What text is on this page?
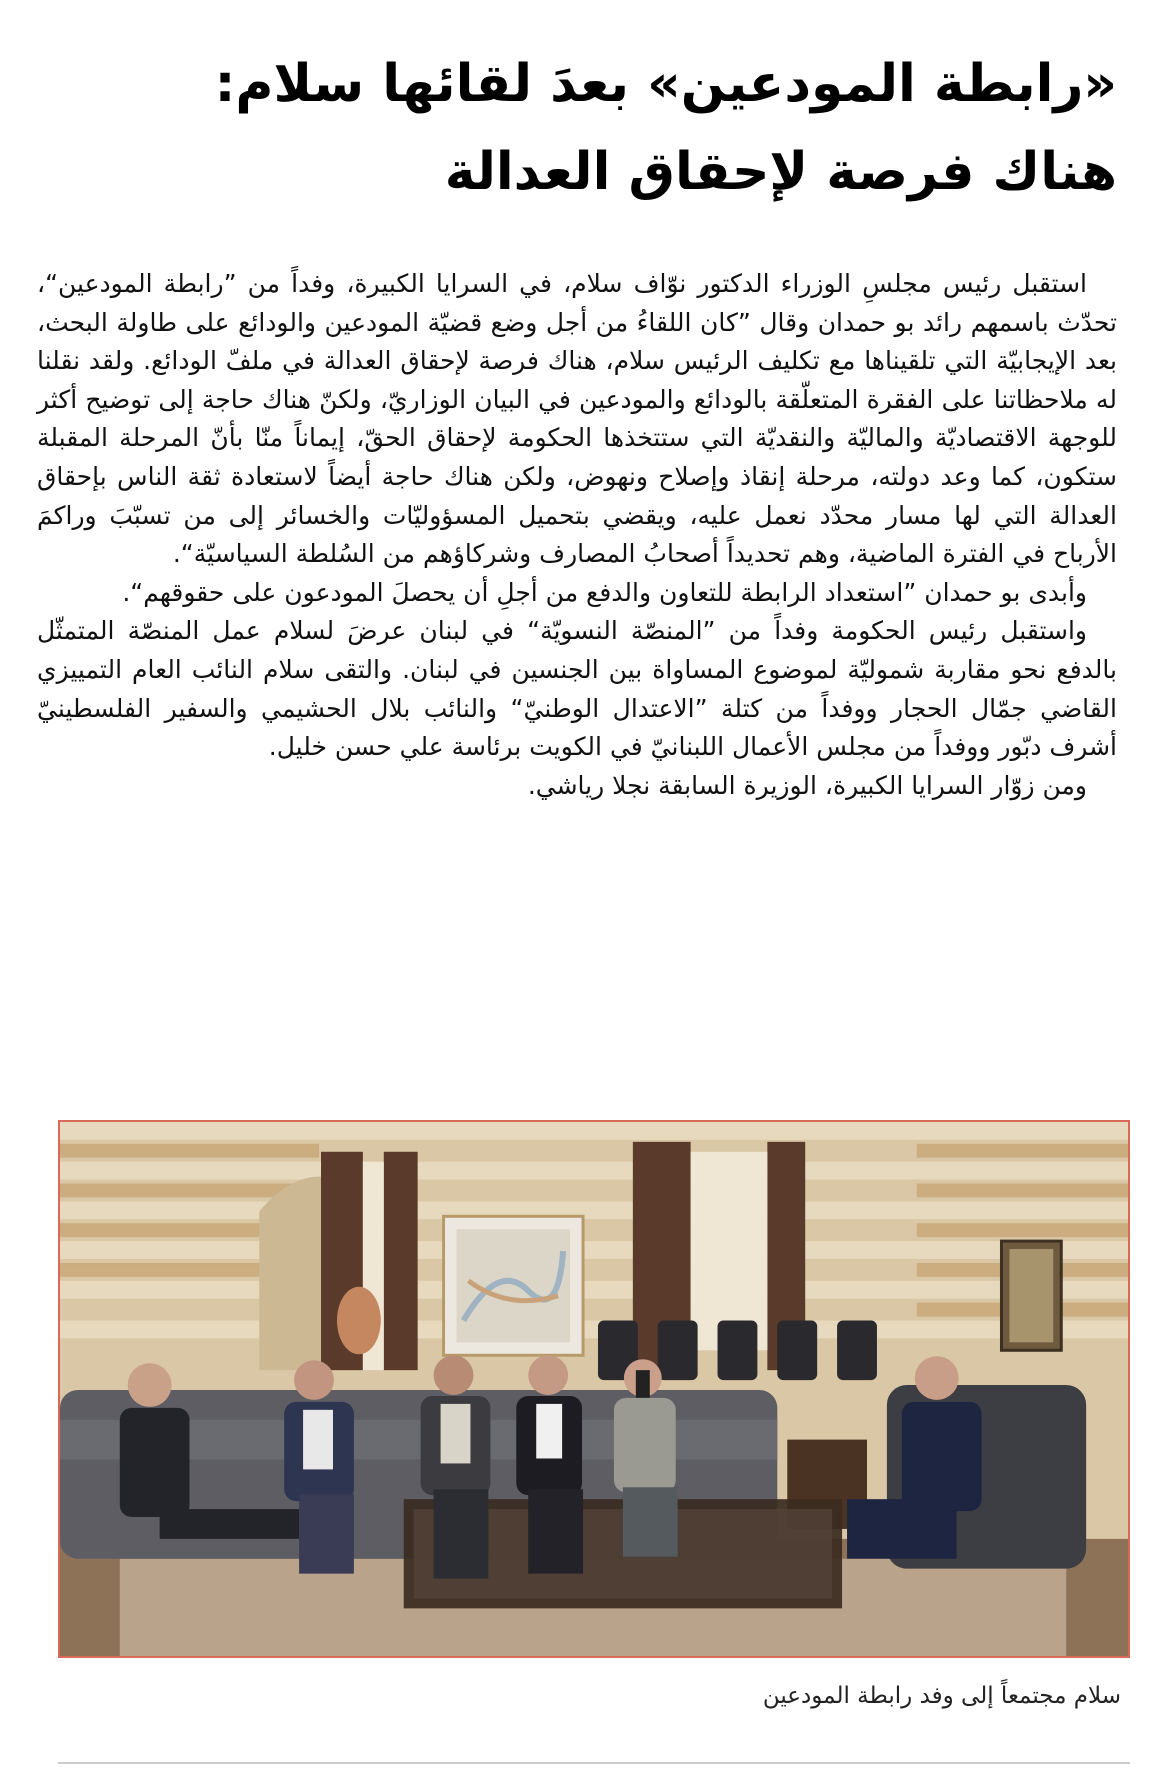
«رابطة المودعين» بعدَ لقائها سلام:
هناك فرصة لإحقاق العدالة

استقبل رئيس مجلسِ الوزراء الدكتور نوّاف سلام، في السرايا الكبيرة، وفداً من ”رابطة المودعين“، تحدّث باسمهم رائد بو حمدان وقال ”كان اللقاءُ من أجل وضع قضيّة المودعين والودائع على طاولة البحث، بعد الإيجابيّة التي تلقيناها مع تكليف الرئيس سلام، هناك فرصة لإحقاق العدالة في ملفّ الودائع. ولقد نقلنا له ملاحظاتنا على الفقرة المتعلّقة بالودائع والمودعين في البيان الوزاريّ، ولكنّ هناك حاجة إلى توضيح أكثر للوجهة الاقتصاديّة والماليّة والنقديّة التي ستتخذها الحكومة لإحقاق الحقّ، إيماناً منّا بأنّ المرحلة المقبلة ستكون، كما وعد دولته، مرحلة إنقاذ وإصلاح ونهوض، ولكن هناك حاجة أيضاً لاستعادة ثقة الناس بإحقاق العدالة التي لها مسار محدّد نعمل عليه، ويقضي بتحميل المسؤوليّات والخسائر إلى من تسبّبَ وراكمَ الأرباح في الفترة الماضية، وهم تحديداً أصحابُ المصارف وشركاؤهم من السُلطة السياسيّة“.

وأبدى بو حمدان ”استعداد الرابطة للتعاون والدفع من أجلِ أن يحصلَ المودعون على حقوقهم“.

واستقبل رئيس الحكومة وفداً من ”المنصّة النسويّة“ في لبنان عرضَ لسلام عمل المنصّة المتمثّل بالدفع نحو مقاربة شموليّة لموضوع المساواة بين الجنسين في لبنان. والتقى سلام النائب العام التمييزي القاضي جمّال الحجار ووفداً من كتلة ”الاعتدال الوطنيّ“ والنائب بلال الحشيمي والسفير الفلسطينيّ أشرف دبّور ووفداً من مجلس الأعمال اللبنانيّ في الكويت برئاسة علي حسن خليل.

ومن زوّار السرايا الكبيرة، الوزيرة السابقة نجلا رياشي.

سلام مجتمعاً إلى وفد رابطة المودعين
